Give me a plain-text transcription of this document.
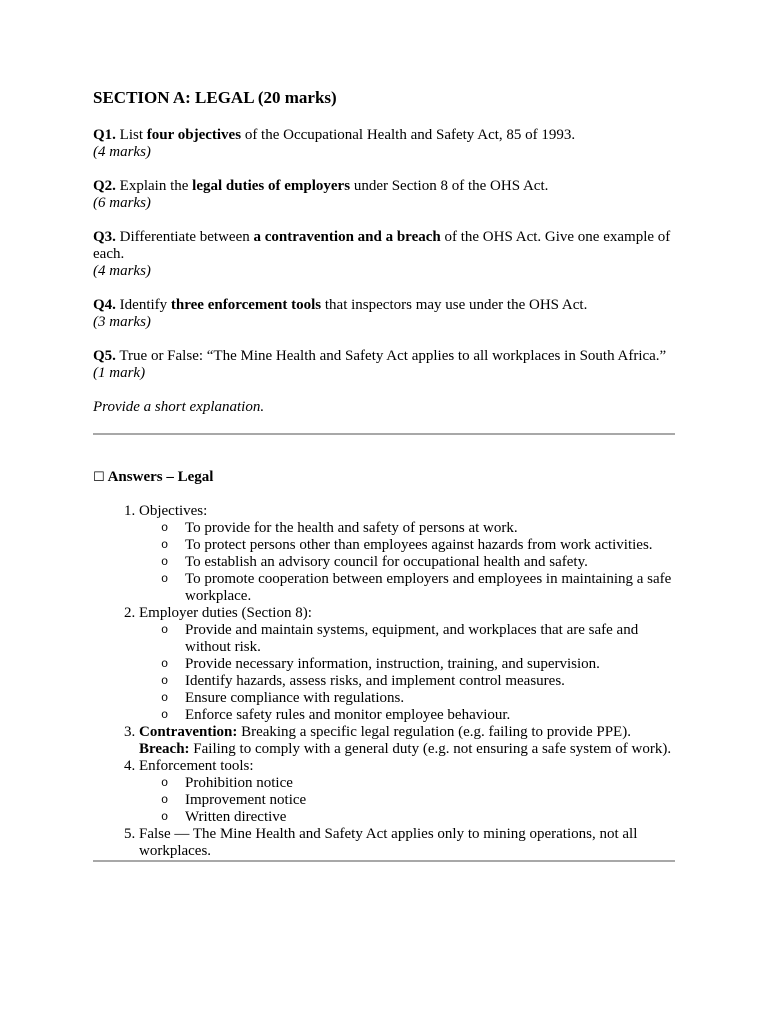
SECTION A: LEGAL (20 marks)

Q1. List four objectives of the Occupational Health and Safety Act, 85 of 1993.

(4 marks)

Q2. Explain the legal duties of employers under Section 8 of the OHS Act.

(6 marks)

Q3. Differentiate between a contravention and a breach of the OHS Act. Give one example of each.

(4 marks)

Q4. Identify three enforcement tools that inspectors may use under the OHS Act.

(3 marks)

Q5. True or False: “The Mine Health and Safety Act applies to all workplaces in South Africa.”

(1 mark)

Provide a short explanation.

☐ Answers – Legal

1. Objectives:
o To provide for the health and safety of persons at work.
o To protect persons other than employees against hazards from work activities.
o To establish an advisory council for occupational health and safety.
o To promote cooperation between employers and employees in maintaining a safe workplace.
2. Employer duties (Section 8):
o Provide and maintain systems, equipment, and workplaces that are safe and without risk.
o Provide necessary information, instruction, training, and supervision.
o Identify hazards, assess risks, and implement control measures.
o Ensure compliance with regulations.
o Enforce safety rules and monitor employee behaviour.
3. Contravention: Breaking a specific legal regulation (e.g. failing to provide PPE).
Breach: Failing to comply with a general duty (e.g. not ensuring a safe system of work).
4. Enforcement tools:
o Prohibition notice
o Improvement notice
o Written directive
5. False — The Mine Health and Safety Act applies only to mining operations, not all workplaces.
